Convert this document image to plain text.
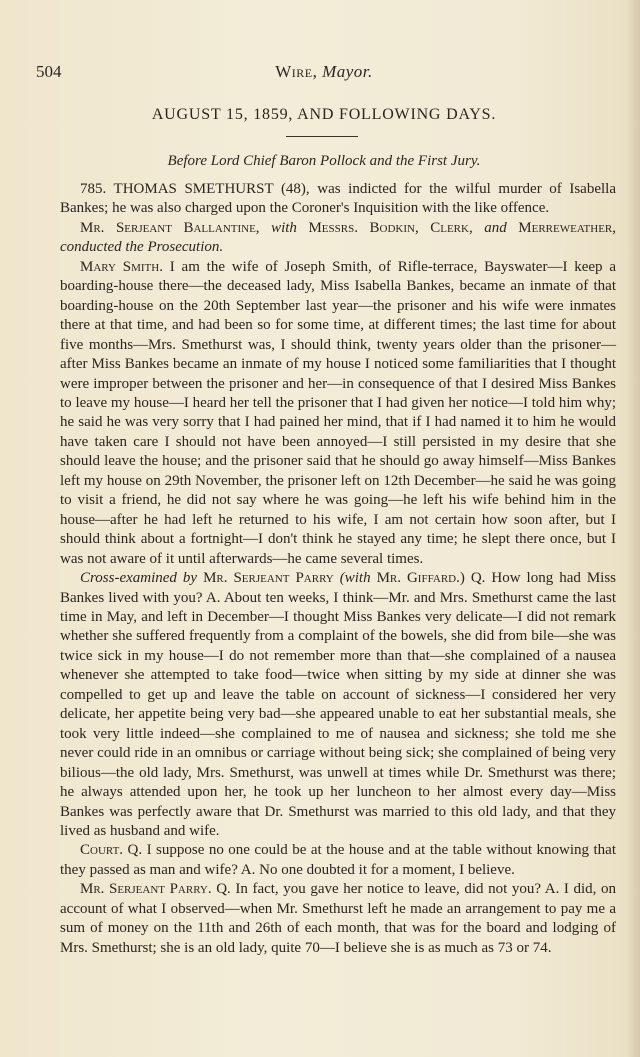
504	Wire, Mayor.
AUGUST 15, 1859, AND FOLLOWING DAYS.
Before Lord Chief Baron Pollock and the First Jury.

785. THOMAS SMETHURST (48), was indicted for the wilful murder of Isabella Bankes; he was also charged upon the Coroner's Inquisition with the like offence.

Mr. Serjeant Ballantine, with Messrs. Bodkin, Clerk, and Merreweather, conducted the Prosecution.

Mary Smith. I am the wife of Joseph Smith, of Rifle-terrace, Bayswater—I keep a boarding-house there—the deceased lady, Miss Isabella Bankes, became an inmate of that boarding-house on the 20th September last year—the prisoner and his wife were inmates there at that time, and had been so for some time, at different times; the last time for about five months—Mrs. Smethurst was, I should think, twenty years older than the prisoner—after Miss Bankes became an inmate of my house I noticed some familiarities that I thought were improper between the prisoner and her—in consequence of that I desired Miss Bankes to leave my house—I heard her tell the prisoner that I had given her notice—I told him why; he said he was very sorry that I had pained her mind, that if I had named it to him he would have taken care I should not have been annoyed—I still persisted in my desire that she should leave the house; and the prisoner said that he should go away himself—Miss Bankes left my house on 29th November, the prisoner left on 12th December—he said he was going to visit a friend, he did not say where he was going—he left his wife behind him in the house—after he had left he returned to his wife, I am not certain how soon after, but I should think about a fortnight—I don't think he stayed any time; he slept there once, but I was not aware of it until afterwards—he came several times.

Cross-examined by Mr. Serjeant Parry (with Mr. Giffard.) Q. How long had Miss Bankes lived with you? A. About ten weeks, I think—Mr. and Mrs. Smethurst came the last time in May, and left in December—I thought Miss Bankes very delicate—I did not remark whether she suffered frequently from a complaint of the bowels, she did from bile—she was twice sick in my house—I do not remember more than that—she complained of a nausea whenever she attempted to take food—twice when sitting by my side at dinner she was compelled to get up and leave the table on account of sickness—I considered her very delicate, her appetite being very bad—she appeared unable to eat her substantial meals, she took very little indeed—she complained to me of nausea and sickness; she told me she never could ride in an omnibus or carriage without being sick; she complained of being very bilious—the old lady, Mrs. Smethurst, was unwell at times while Dr. Smethurst was there; he always attended upon her, he took up her luncheon to her almost every day—Miss Bankes was perfectly aware that Dr. Smethurst was married to this old lady, and that they lived as husband and wife.

Court. Q. I suppose no one could be at the house and at the table without knowing that they passed as man and wife? A. No one doubted it for a moment, I believe.

Mr. Serjeant Parry. Q. In fact, you gave her notice to leave, did not you? A. I did, on account of what I observed—when Mr. Smethurst left he made an arrangement to pay me a sum of money on the 11th and 26th of each month, that was for the board and lodging of Mrs. Smethurst; she is an old lady, quite 70—I believe she is as much as 73 or 74.
